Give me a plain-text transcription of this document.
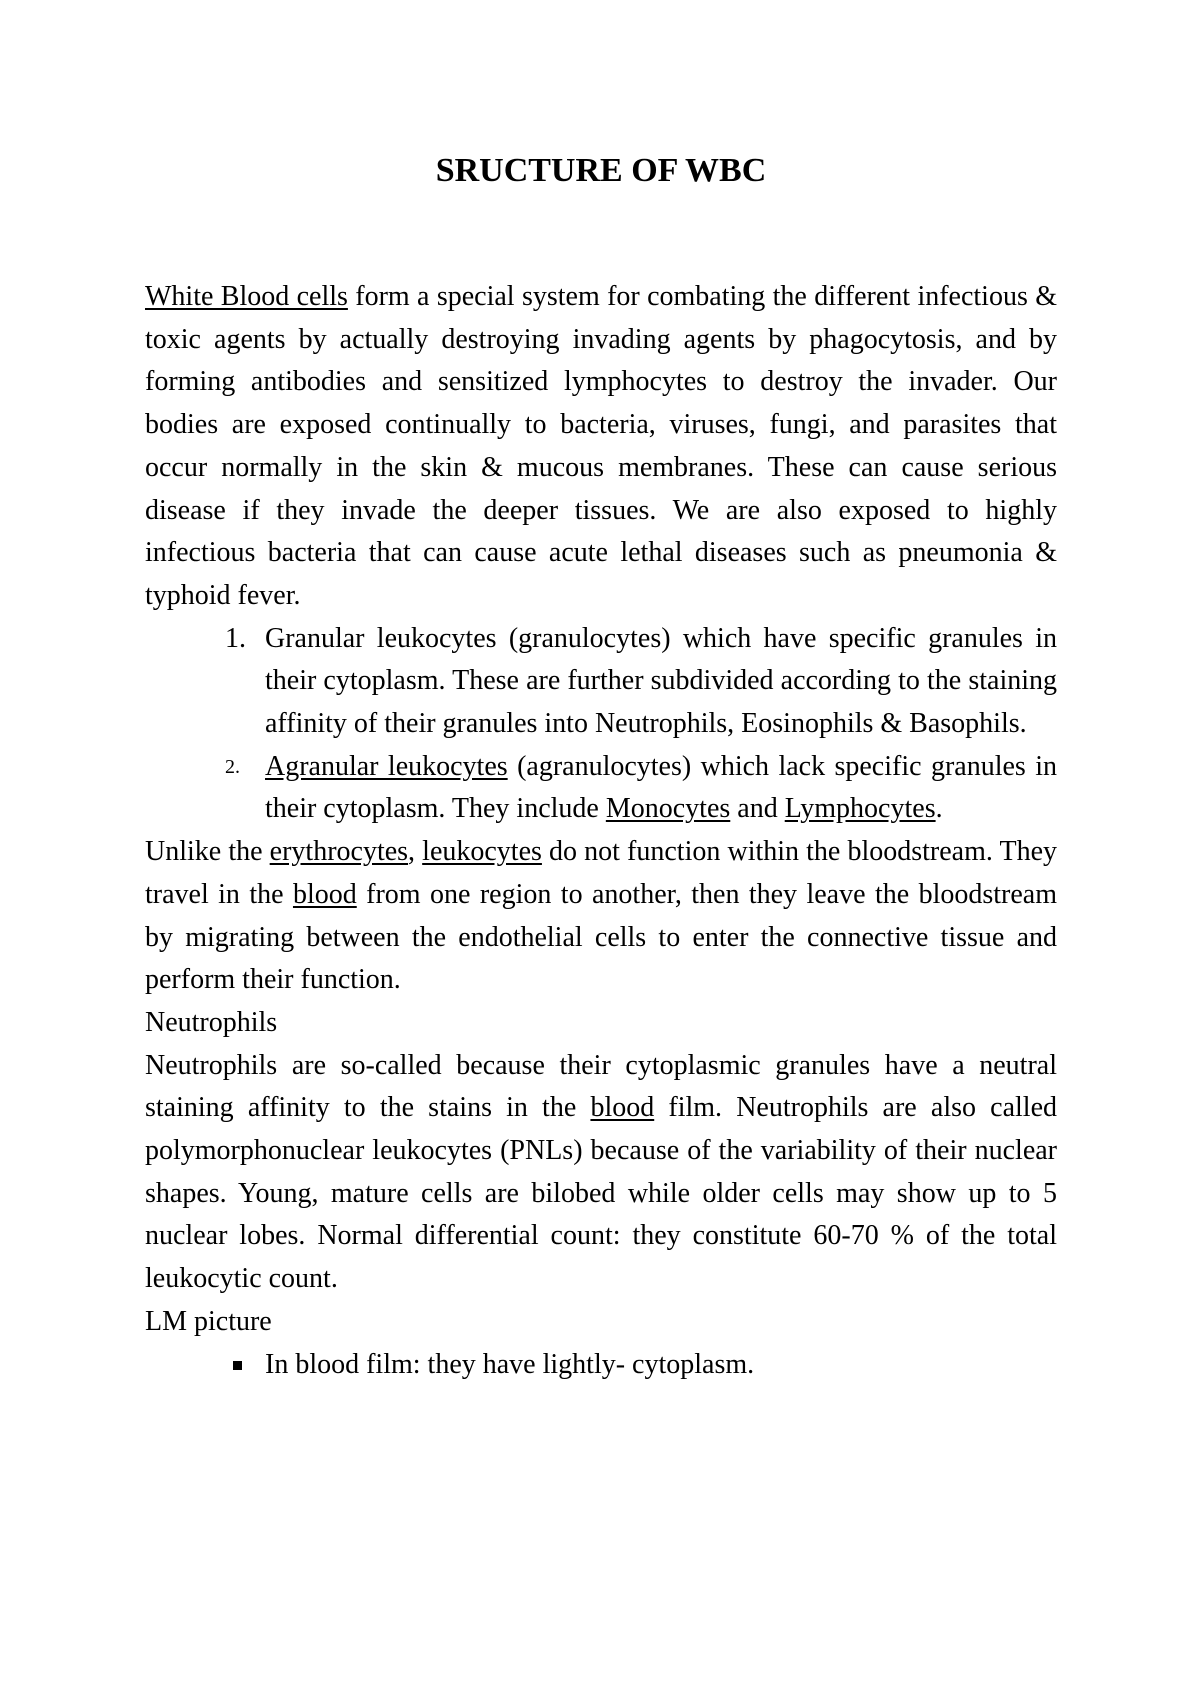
SRUCTURE OF WBC

White Blood cells form a special system for combating the different infectious & toxic agents by actually destroying invading agents by phagocytosis, and by forming antibodies and sensitized lymphocytes to destroy the invader. Our bodies are exposed continually to bacteria, viruses, fungi, and parasites that occur normally in the skin & mucous membranes. These can cause serious disease if they invade the deeper tissues. We are also exposed to highly infectious bacteria that can cause acute lethal diseases such as pneumonia & typhoid fever.

1. Granular leukocytes (granulocytes) which have specific granules in their cytoplasm. These are further subdivided according to the staining affinity of their granules into Neutrophils, Eosinophils & Basophils.

2. Agranular leukocytes (agranulocytes) which lack specific granules in their cytoplasm. They include Monocytes and Lymphocytes.

Unlike the erythrocytes, leukocytes do not function within the bloodstream. They travel in the blood from one region to another, then they leave the bloodstream by migrating between the endothelial cells to enter the connective tissue and perform their function.

Neutrophils

Neutrophils are so-called because their cytoplasmic granules have a neutral staining affinity to the stains in the blood film. Neutrophils are also called polymorphonuclear leukocytes (PNLs) because of the variability of their nuclear shapes. Young, mature cells are bilobed while older cells may show up to 5 nuclear lobes. Normal differential count: they constitute 60-70 % of the total leukocytic count.

LM picture

In blood film: they have lightly- cytoplasm.
